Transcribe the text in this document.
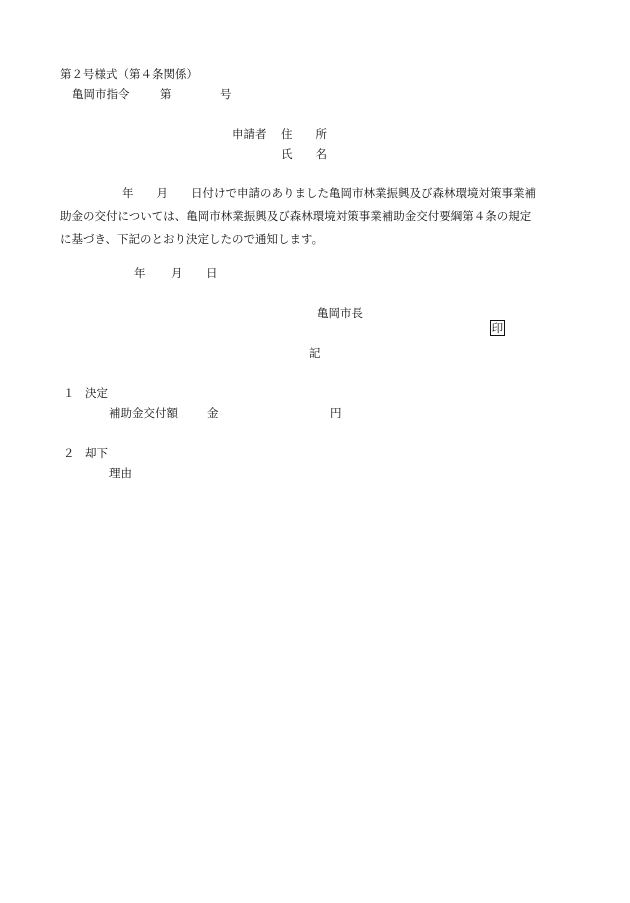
第２号様式（第４条関係）
亀岡市指令	第	号
申請者 住　　所
氏　　名
年　　月　　日付けで申請のありました亀岡市林業振興及び森林環境対策事業補
助金の交付については、亀岡市林業振興及び森林環境対策事業補助金交付要綱第４条の規定
に基づき、下記のとおり決定したので通知します。
年 月 日
亀岡市長

印

記
１ 決定
補助金交付額	金	円
２ 却下
理由
